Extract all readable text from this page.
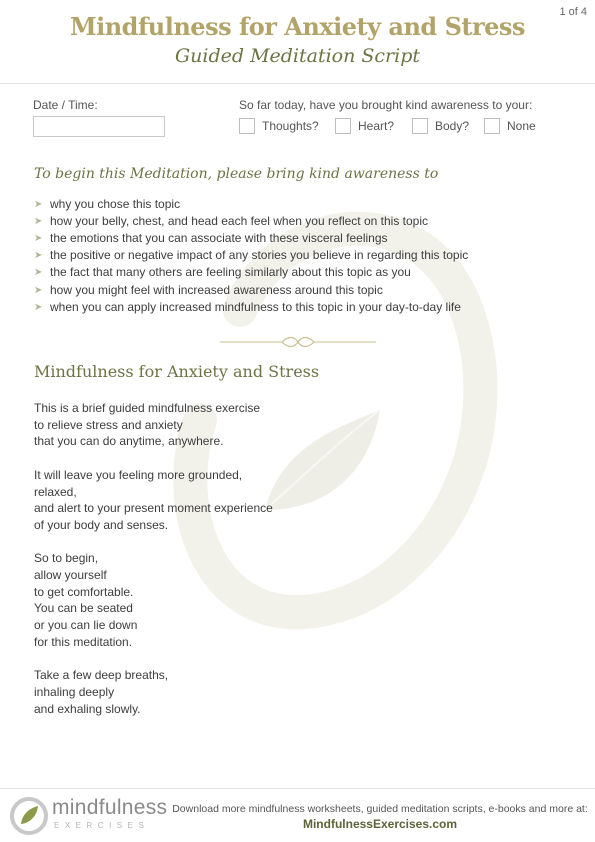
1 of 4
Mindfulness for Anxiety and Stress
Guided Meditation Script
Date / Time:	So far today, have you brought kind awareness to your:
Thoughts?	Heart?	Body?	None
To begin this Meditation, please bring kind awareness to
➤ why you chose this topic
➤ how your belly, chest, and head each feel when you reflect on this topic
➤ the emotions that you can associate with these visceral feelings
➤ the positive or negative impact of any stories you believe in regarding this topic
➤ the fact that many others are feeling similarly about this topic as you
➤ how you might feel with increased awareness around this topic
➤ when you can apply increased mindfulness to this topic in your day-to-day life
Mindfulness for Anxiety and Stress
This is a brief guided mindfulness exercise
to relieve stress and anxiety
that you can do anytime, anywhere.
It will leave you feeling more grounded,
relaxed,
and alert to your present moment experience
of your body and senses.
So to begin,
allow yourself
to get comfortable.
You can be seated
or you can lie down
for this meditation.
Take a few deep breaths,
inhaling deeply
and exhaling slowly.
mindfulness
EXERCISES
Download more mindfulness worksheets, guided meditation scripts, e-books and more at:
MindfulnessExercises.com
